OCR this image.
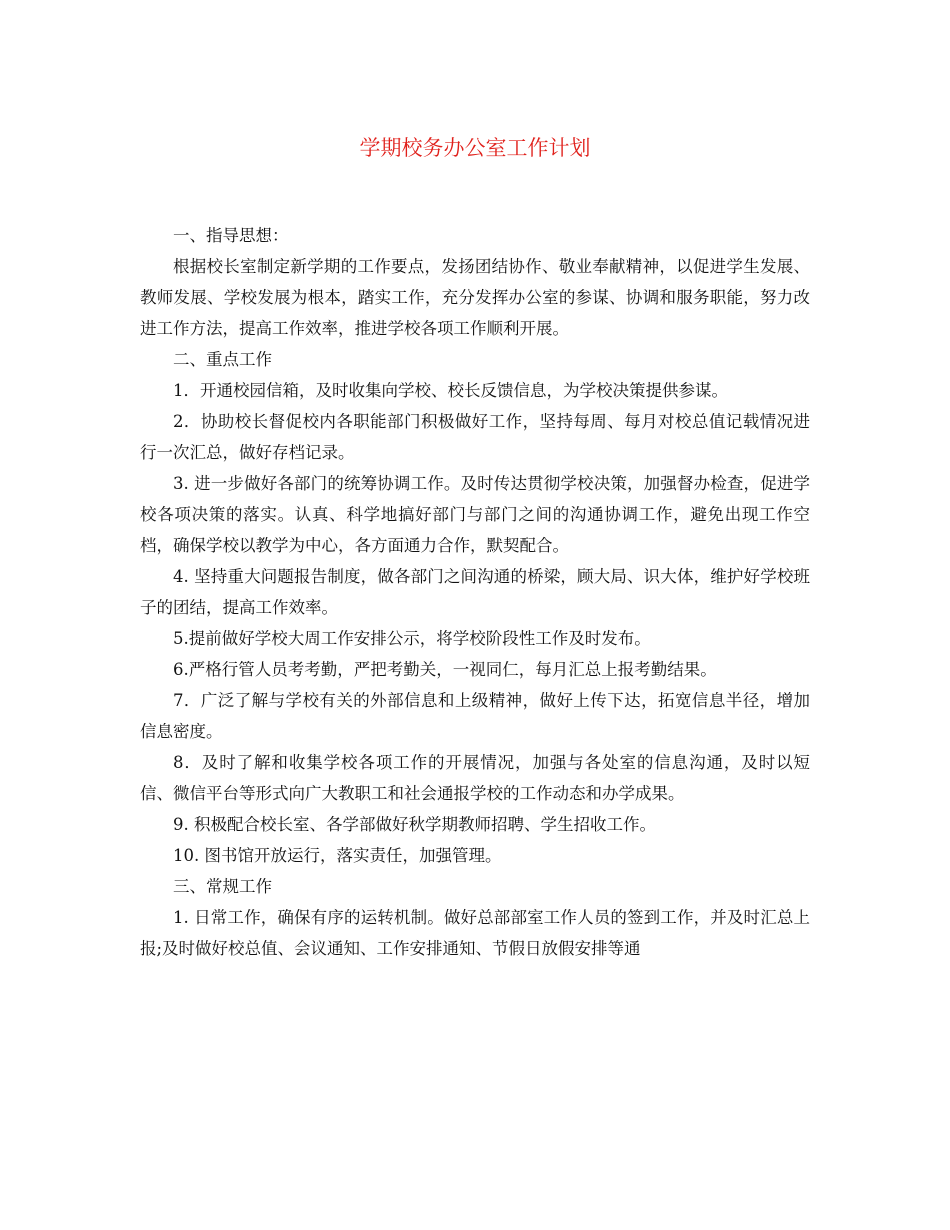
学期校务办公室工作计划

一、指导思想：

根据校长室制定新学期的工作要点，发扬团结协作、敬业奉献精神，以促进学生发展、教师发展、学校发展为根本，踏实工作，充分发挥办公室的参谋、协调和服务职能，努力改进工作方法，提高工作效率，推进学校各项工作顺利开展。

二、重点工作

1．开通校园信箱，及时收集向学校、校长反馈信息，为学校决策提供参谋。

2．协助校长督促校内各职能部门积极做好工作，坚持每周、每月对校总值记载情况进行一次汇总，做好存档记录。

3. 进一步做好各部门的统筹协调工作。及时传达贯彻学校决策，加强督办检查，促进学校各项决策的落实。认真、科学地搞好部门与部门之间的沟通协调工作，避免出现工作空档，确保学校以教学为中心，各方面通力合作，默契配合。

4. 坚持重大问题报告制度，做各部门之间沟通的桥梁，顾大局、识大体，维护好学校班子的团结，提高工作效率。

5.提前做好学校大周工作安排公示，将学校阶段性工作及时发布。

6.严格行管人员考考勤，严把考勤关，一视同仁，每月汇总上报考勤结果。

7．广泛了解与学校有关的外部信息和上级精神，做好上传下达，拓宽信息半径，增加信息密度。

8．及时了解和收集学校各项工作的开展情况，加强与各处室的信息沟通，及时以短信、微信平台等形式向广大教职工和社会通报学校的工作动态和办学成果。

9. 积极配合校长室、各学部做好秋学期教师招聘、学生招收工作。

10. 图书馆开放运行，落实责任，加强管理。

三、常规工作

1. 日常工作，确保有序的运转机制。做好总部部室工作人员的签到工作，并及时汇总上报;及时做好校总值、会议通知、工作安排通知、节假日放假安排等通
